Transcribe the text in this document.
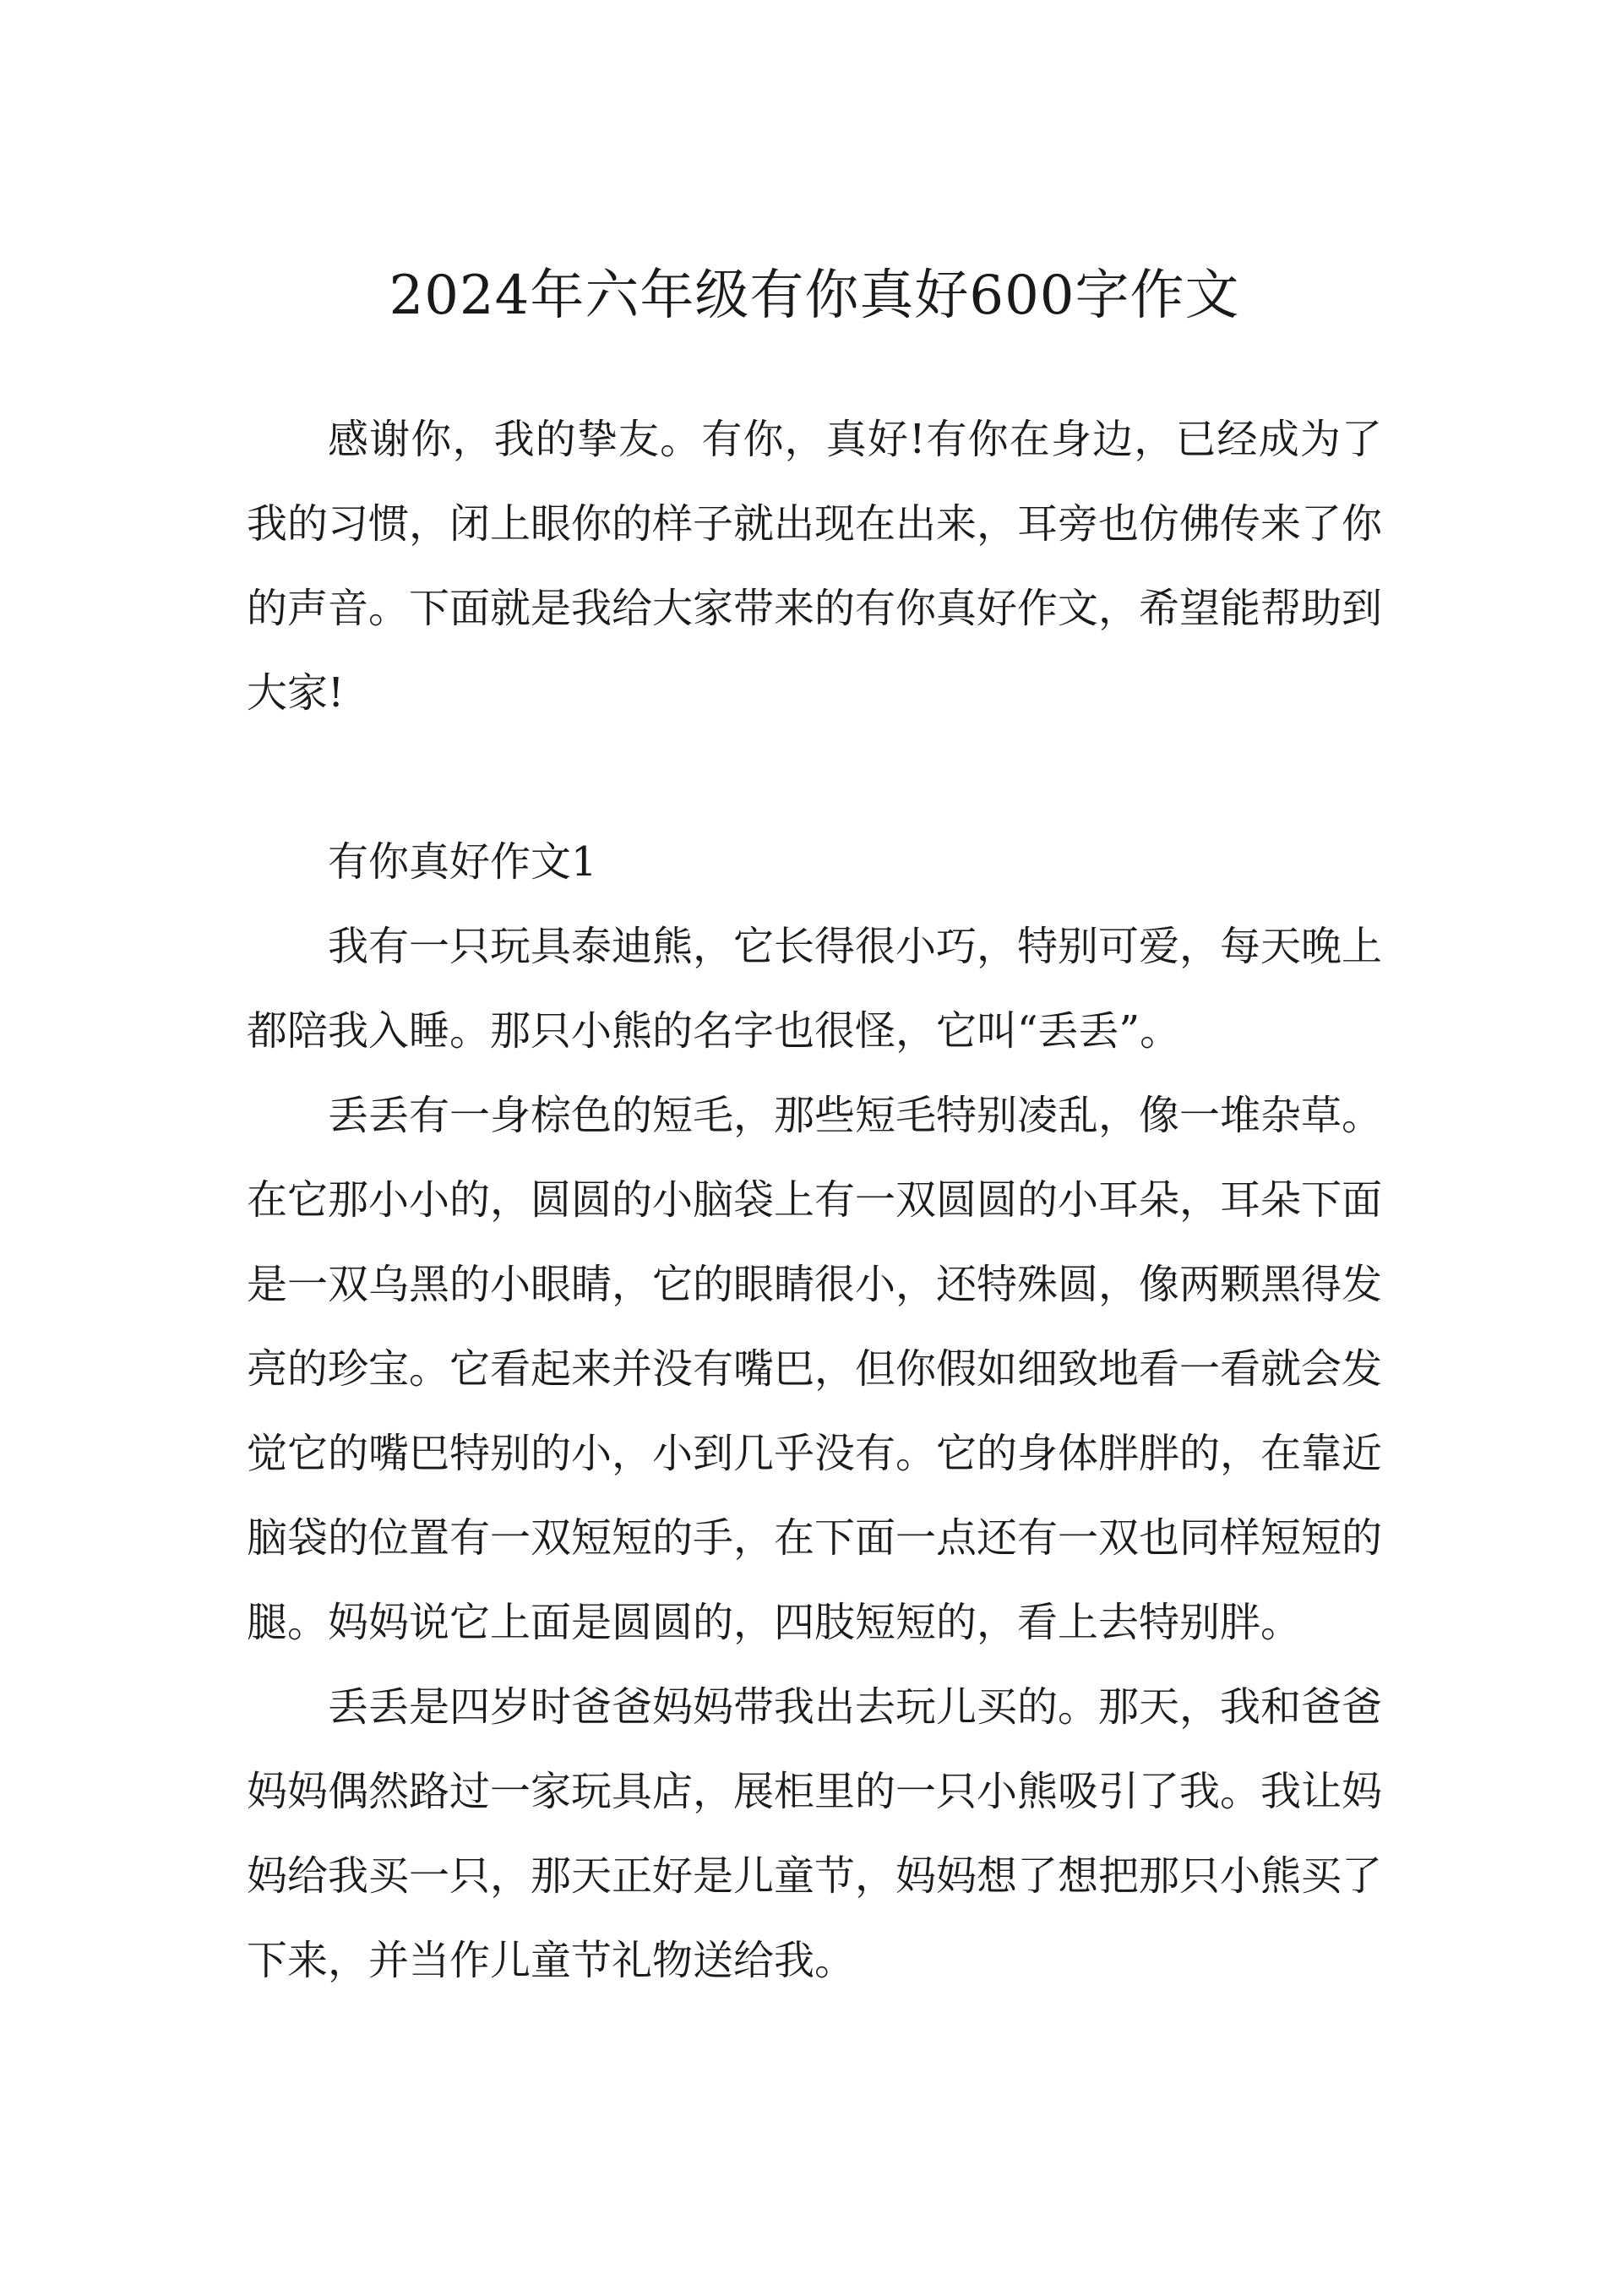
2024年六年级有你真好600字作文

感谢你，我的挚友。有你，真好!有你在身边，已经成为了我的习惯，闭上眼你的样子就出现在出来，耳旁也仿佛传来了你的声音。下面就是我给大家带来的有你真好作文，希望能帮助到大家!

有你真好作文1

我有一只玩具泰迪熊，它长得很小巧，特别可爱，每天晚上都陪我入睡。那只小熊的名字也很怪，它叫“丢丢”。

丢丢有一身棕色的短毛，那些短毛特别凌乱，像一堆杂草。在它那小小的，圆圆的小脑袋上有一双圆圆的小耳朵，耳朵下面是一双乌黑的小眼睛，它的眼睛很小，还特殊圆，像两颗黑得发亮的珍宝。它看起来并没有嘴巴，但你假如细致地看一看就会发觉它的嘴巴特别的小，小到几乎没有。它的身体胖胖的，在靠近脑袋的位置有一双短短的手，在下面一点还有一双也同样短短的腿。妈妈说它上面是圆圆的，四肢短短的，看上去特别胖。

丢丢是四岁时爸爸妈妈带我出去玩儿买的。那天，我和爸爸妈妈偶然路过一家玩具店，展柜里的一只小熊吸引了我。我让妈妈给我买一只，那天正好是儿童节，妈妈想了想把那只小熊买了下来，并当作儿童节礼物送给我。
